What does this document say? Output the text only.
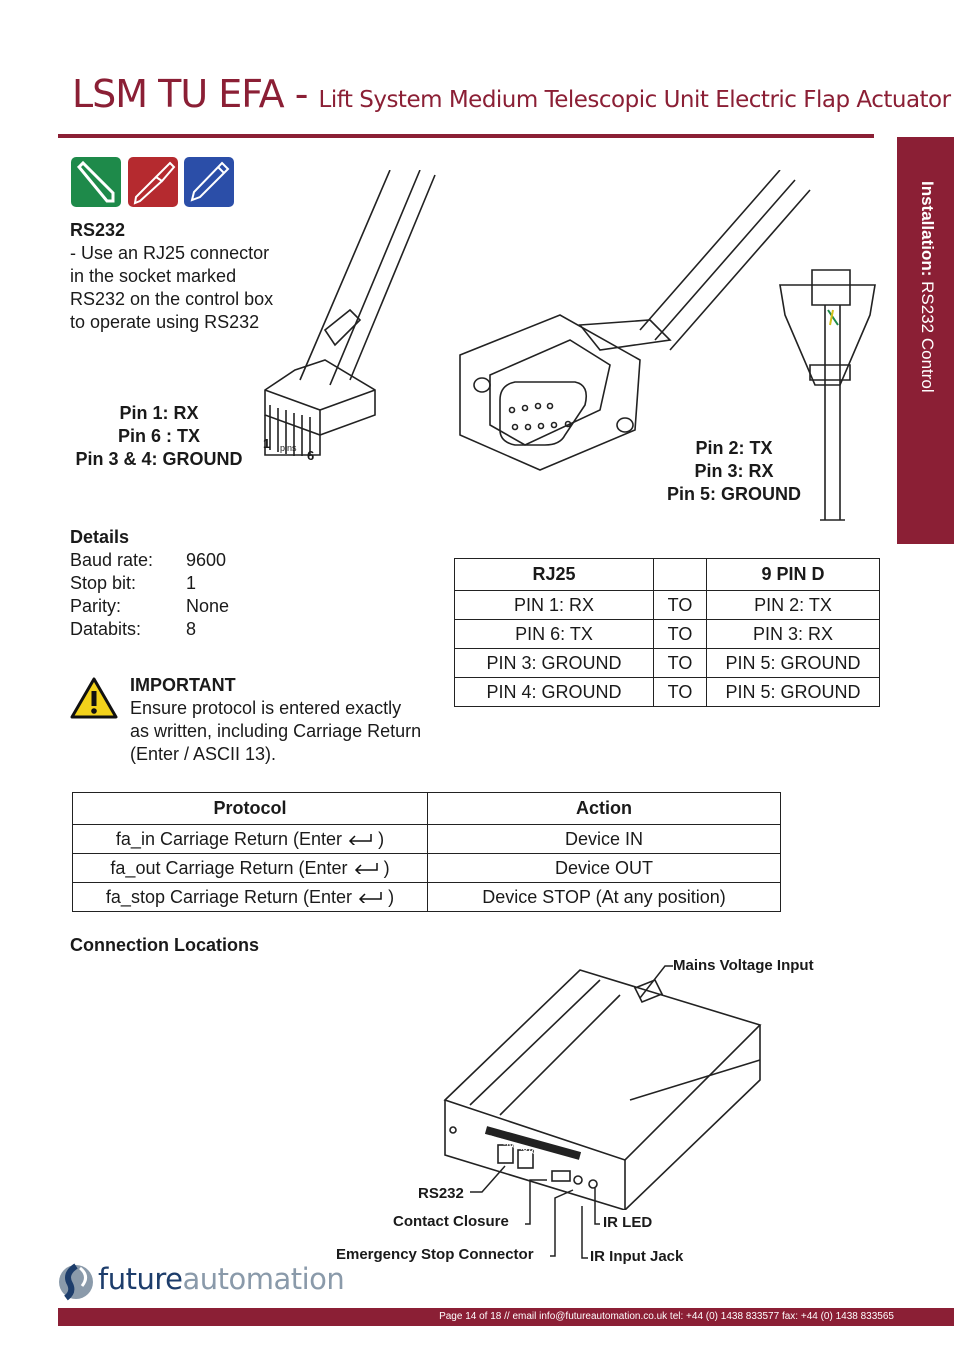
LSM TU EFA - Lift System Medium Telescopic Unit Electric Flap Actuator
Installation: RS232 Control
RS232
- Use an RJ25 connector
in the socket marked
RS232 on the control box
to operate using RS232
Pin 1: RX
Pin 6 : TX
Pin 3 & 4: GROUND
1 pins 6	Pin 2: TX
Pin 3: RX
Pin 5: GROUND
Details
Baud rate:	9600
Stop bit:	1
Parity:	None
Databits:	8
RJ25		9 PIN D
PIN 1: RX	TO	PIN 2: TX
PIN 6: TX	TO	PIN 3: RX
PIN 3: GROUND	TO	PIN 5: GROUND
PIN 4: GROUND	TO	PIN 5: GROUND
IMPORTANT
Ensure protocol is entered exactly
as written, including Carriage Return
(Enter / ASCII 13).
Protocol	Action
fa_in Carriage Return (Enter )	Device IN
fa_out Carriage Return (Enter )	Device OUT
fa_stop Carriage Return (Enter )	Device STOP (At any position)
Connection Locations
FUTURE AUTOMATION
Mains Voltage Input
RS232
Contact Closure
Emergency Stop Connector
IR LED
IR Input Jack
futureautomation
Page 14 of 18 // email info@futureautomation.co.uk tel: +44 (0) 1438 833577 fax: +44 (0) 1438 833565
